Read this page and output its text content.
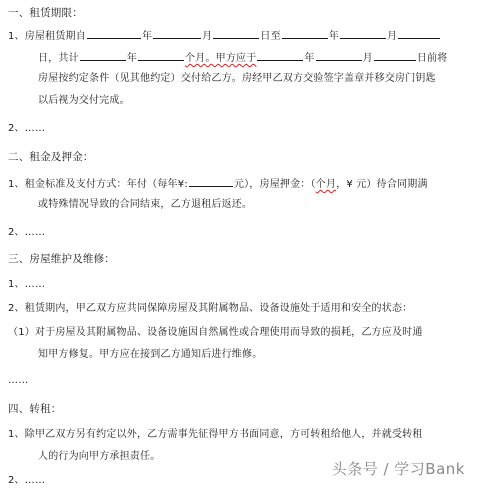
一、租赁期限：
1、房屋租赁期自	年	月	日至	年	月
日，共计	年	个月。甲方应于	年	月	日前将
房屋按约定条件（见其他约定）交付给乙方。房经甲乙双方交验签字盖章并移交房门钥匙
以后视为交付完成。
2、……
二、租金及押金：
1、租金标准及支付方式：年付（每年¥:	元），房屋押金：（个月，¥ 元）待合同期满
或特殊情况导致的合同结束，乙方退租后返还。
2、……
三、房屋维护及维修：
1、……
2、租赁期内，甲乙双方应共同保障房屋及其附属物品、设备设施处于适用和安全的状态：
（1）对于房屋及其附属物品、设备设施因自然属性或合理使用而导致的损耗，乙方应及时通
知甲方修复。甲方应在接到乙方通知后进行维修。
……
四、转租：
1、除甲乙双方另有约定以外，乙方需事先征得甲方书面同意，方可转租给他人，并就受转租
人的行为向甲方承担责任。
2、……
头条号 / 学习Bank
